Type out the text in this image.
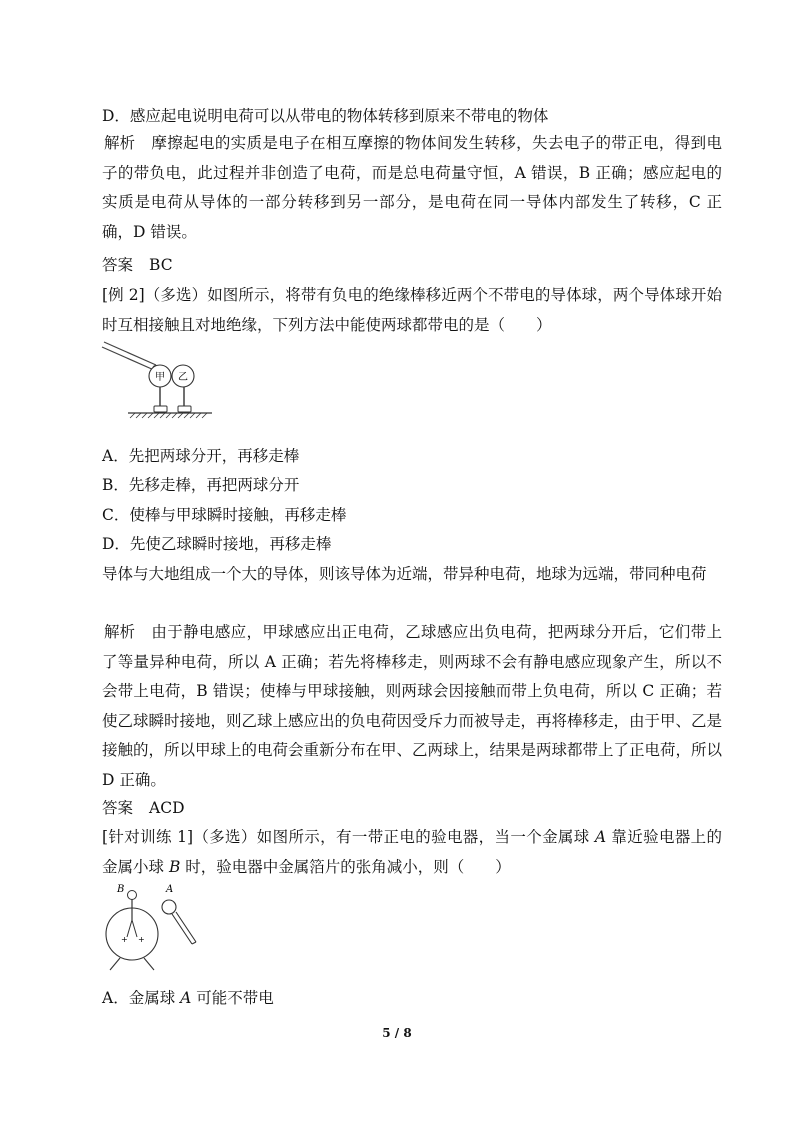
D．感应起电说明电荷可以从带电的物体转移到原来不带电的物体
解析 摩擦起电的实质是电子在相互摩擦的物体间发生转移，失去电子的带正电，得到电子的带负电，此过程并非创造了电荷，而是总电荷量守恒，A 错误，B 正确；感应起电的实质是电荷从导体的一部分转移到另一部分，是电荷在同一导体内部发生了转移，C 正确，D 错误。
答案 BC
[例 2]（多选）如图所示，将带有负电的绝缘棒移近两个不带电的导体球，两个导体球开始时互相接触且对地绝缘，下列方法中能使两球都带电的是（　　）
甲 乙
A．先把两球分开，再移走棒
B．先移走棒，再把两球分开
C．使棒与甲球瞬时接触，再移走棒
D．先使乙球瞬时接地，再移走棒
导体与大地组成一个大的导体，则该导体为近端，带异种电荷，地球为远端，带同种电荷
解析 由于静电感应，甲球感应出正电荷，乙球感应出负电荷，把两球分开后，它们带上了等量异种电荷，所以 A 正确；若先将棒移走，则两球不会有静电感应现象产生，所以不会带上电荷，B 错误；使棒与甲球接触，则两球会因接触而带上负电荷，所以 C 正确；若使乙球瞬时接地，则乙球上感应出的负电荷因受斥力而被导走，再将棒移走，由于甲、乙是接触的，所以甲球上的电荷会重新分布在甲、乙两球上，结果是两球都带上了正电荷，所以 D 正确。
答案 ACD
[针对训练 1]（多选）如图所示，有一带正电的验电器，当一个金属球 A 靠近验电器上的金属小球 B 时，验电器中金属箔片的张角减小，则（　　）
B
+ +
A
A．金属球 A 可能不带电
5 / 8
